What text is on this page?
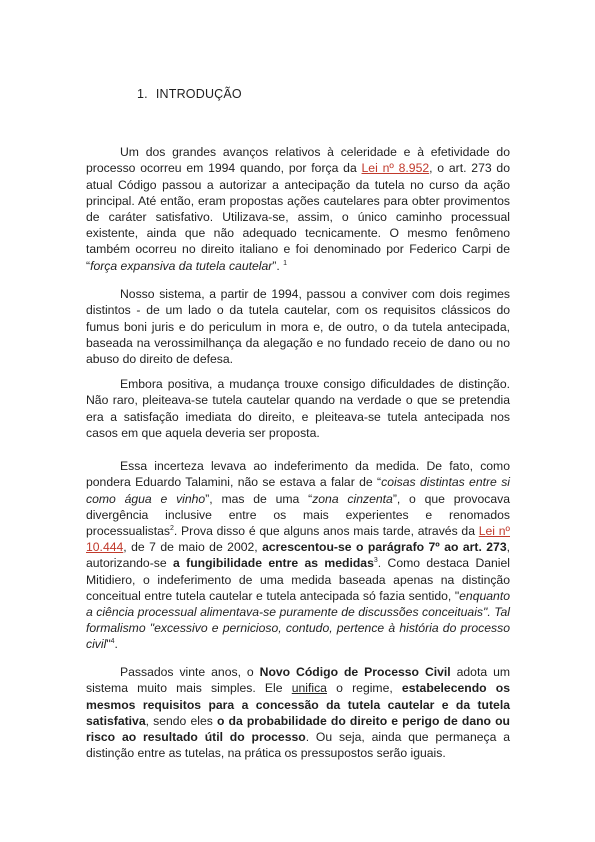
1. INTRODUÇÃO

Um dos grandes avanços relativos à celeridade e à efetividade do processo ocorreu em 1994 quando, por força da Lei nº 8.952, o art. 273 do atual Código passou a autorizar a antecipação da tutela no curso da ação principal. Até então, eram propostas ações cautelares para obter provimentos de caráter satisfativo. Utilizava-se, assim, o único caminho processual existente, ainda que não adequado tecnicamente. O mesmo fenômeno também ocorreu no direito italiano e foi denominado por Federico Carpi de “força expansiva da tutela cautelar”. $^1$

Nosso sistema, a partir de 1994, passou a conviver com dois regimes distintos - de um lado o da tutela cautelar, com os requisitos clássicos do fumus boni juris e do periculum in mora e, de outro, o da tutela antecipada, baseada na verossimilhança da alegação e no fundado receio de dano ou no abuso do direito de defesa.

Embora positiva, a mudança trouxe consigo dificuldades de distinção. Não raro, pleiteava-se tutela cautelar quando na verdade o que se pretendia era a satisfação imediata do direito, e pleiteava-se tutela antecipada nos casos em que aquela deveria ser proposta.

Essa incerteza levava ao indeferimento da medida. De fato, como pondera Eduardo Talamini, não se estava a falar de “coisas distintas entre si como água e vinho”, mas de uma “zona cinzenta”, o que provocava divergência inclusive entre os mais experientes e renomados processualistas$^2$. Prova disso é que alguns anos mais tarde, através da Lei nº 10.444, de 7 de maio de 2002, acrescentou-se o parágrafo 7º ao art. 273, autorizando-se a fungibilidade entre as medidas$^3$. Como destaca Daniel Mitidiero, o indeferimento de uma medida baseada apenas na distinção conceitual entre tutela cautelar e tutela antecipada só fazia sentido, "enquanto a ciência processual alimentava-se puramente de discussões conceituais". Tal formalismo "excessivo e pernicioso, contudo, pertence à história do processo civil"$^4$.

Passados vinte anos, o Novo Código de Processo Civil adota um sistema muito mais simples. Ele unifica o regime, estabelecendo os mesmos requisitos para a concessão da tutela cautelar e da tutela satisfativa, sendo eles o da probabilidade do direito e perigo de dano ou risco ao resultado útil do processo. Ou seja, ainda que permaneça a distinção entre as tutelas, na prática os pressupostos serão iguais.
